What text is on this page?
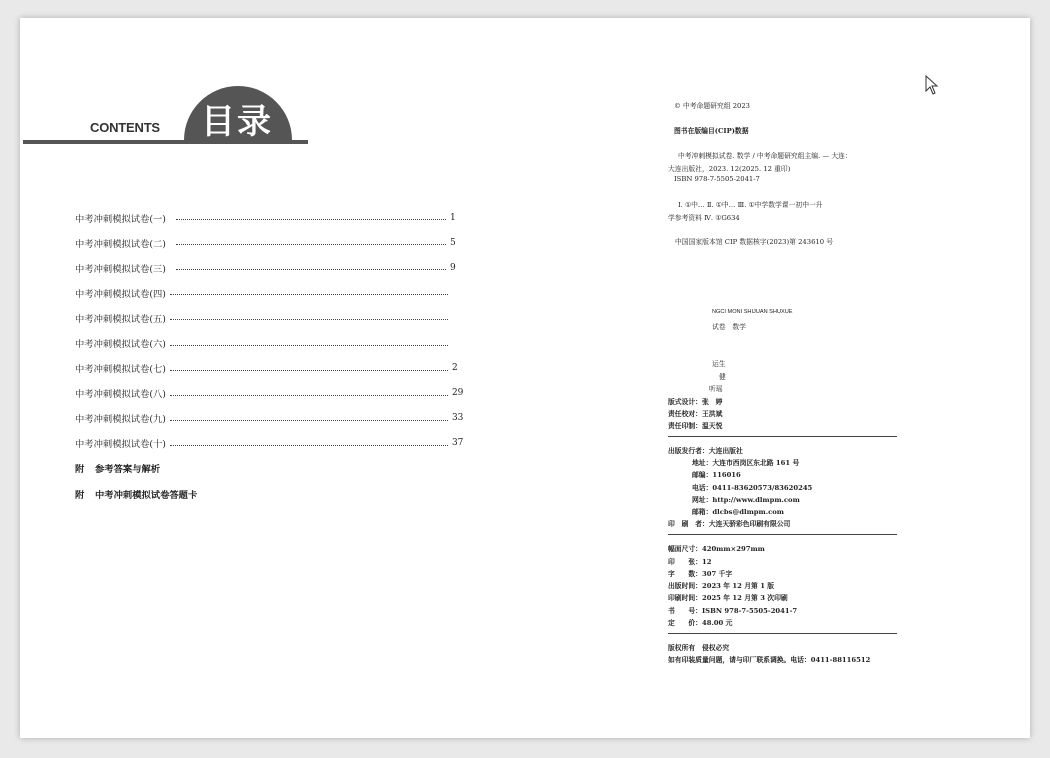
CONTENTS 目录
中考冲刺模拟试卷(一)	1
中考冲刺模拟试卷(二)	5
中考冲刺模拟试卷(三)	9
中考冲刺模拟试卷(四)
中考冲刺模拟试卷(五)
中考冲刺模拟试卷(六)
中考冲刺模拟试卷(七)	2
中考冲刺模拟试卷(八)	29
中考冲刺模拟试卷(九)	33
中考冲刺模拟试卷(十)	37
附	参考答案与解析
附	中考冲刺模拟试卷答题卡
© 中考命题研究组 2023
图书在版编目(CIP)数据
中考冲刺模拟试卷. 数学 / 中考命题研究组主编. — 大连：
大连出版社，2023. 12(2025. 12 重印)
ISBN 978-7-5505-2041-7
Ⅰ. ①中… Ⅱ. ①中… Ⅲ. ①中学数学课一初中一升
学参考资料 Ⅳ. ①G634
中国国家版本馆 CIP 数据核字(2023)第 243610 号
NGCI MONI SHIJUAN SHUXUE
试卷　数学
运生
健
听瑶
版式设计：张　婷
责任校对：王洪斌
责任印制：温天悦
出版发行者：大连出版社
地址：大连市西岗区东北路 161 号
邮编：116016
电话：0411-83620573/83620245
网址：http://www.dlmpm.com
邮箱：dlcbs@dlmpm.com
印　刷　者：大连天骄彩色印刷有限公司
幅面尺寸：420mm×297mm
印　　张：12
字　　数：307 千字
出版时间：2023 年 12 月第 1 版
印刷时间：2025 年 12 月第 3 次印刷
书　　号：ISBN 978-7-5505-2041-7
定　　价：48.00 元
版权所有　侵权必究
如有印装质量问题，请与印厂联系调换。电话：0411-88116512
